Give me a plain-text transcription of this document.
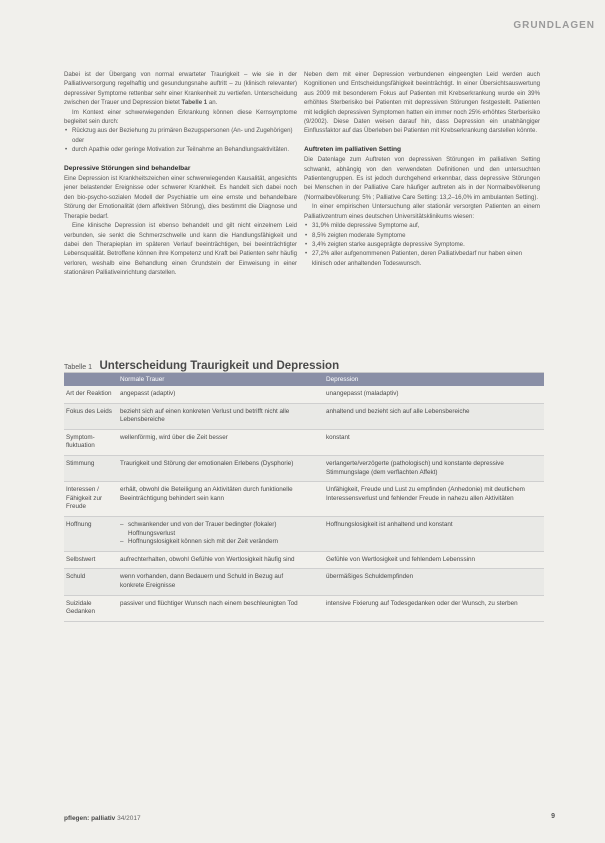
GRUNDLAGEN

Dabei ist der Übergang von normal erwarteter Traurigkeit – wie sie in der Palliativversorgung regelhaftig und gesundungsnahe auftritt – zu (klinisch relevanter) depressiver Symptome rettenbar sehr einer Krankenheit zu vertiefen. Unterscheidung zwischen der Trauer und Depression bietet Tabelle 1 an.

Im Kontext einer schwerwiegenden Erkrankung können diese Kernsymptome begleitet sein durch:

• Rückzug aus der Beziehung zu primären Bezugspersonen (An- und Zugehörigen) oder
• durch Apathie oder geringe Motivation zur Teilnahme an Behandlungsaktivitäten.
Depressive Störungen sind behandelbar

Eine Depression ist Krankheitszeichen einer schwerwiegenden Kausalität, angesichts jener belastender Ereignisse oder schwerer Krankheit. Es handelt sich dabei noch den bio-psycho-sozialen Modell der Psychiatrie um eine ernste und behandelbare Störung der Emotionalität (dem affektiven Störung), dies bestimmt die Diagnose und Therapie bedarf.

Eine klinische Depression ist ebenso behandelt und gilt nicht einzelnem Leid verbunden, sie senkt die Schmerzschwelle und kann die Handlungsfähigkeit und dabei den Therapieplan im späteren Verlauf beeinträchtigen, bei beeinträchtigter Lebensqualität. Betroffene können ihre Kompetenz und Kraft bei Patienten sehr häufig verloren, weshalb eine Behandlung einen Grundstein der Einweisung in einer stationären Palliativeinrichtung darstellen.

Neben dem mit einer Depression verbundenen eingeengten Leid werden auch Kognitionen und Entscheidungsfähigkeit beeinträchtigt. In einer Übersichtsauswertung aus 2009 mit besonderem Fokus auf Patienten mit Krebserkrankung wurde ein 39% erhöhtes Sterberisiko bei Patienten mit depressiven Störungen festgestellt. Patienten mit lediglich depressiven Symptomen hatten ein immer noch 25% erhöhtes Sterberisiko (9/2002). Diese Daten weisen darauf hin, dass Depression ein unabhängiger Einflussfaktor auf das Überleben bei Patienten mit Krebserkrankung darstellen könnte.

Auftreten im palliativen Setting

Die Datenlage zum Auftreten von depressiven Störungen im palliativen Setting schwankt, abhängig von den verwendeten Definitionen und den untersuchten Patientengruppen. Es ist jedoch durchgehend erkennbar, dass depressive Störungen bei Menschen in der Palliative Care häufiger auftreten als in der Normalbevölkerung (Normalbevölkerung: 5% ; Palliative Care Setting: 13,2–16,0% im ambulanten Setting).

In einer empirischen Untersuchung aller stationär versorgten Patienten an einem Palliativzentrum eines deutschen Universitätsklinikums wiesen:

• 31,9% milde depressive Symptome auf,
• 8,5% zeigten moderate Symptome
• 3,4% zeigten starke ausgeprägte depressive Symptome.
• 27,2% aller aufgenommenen Patienten, deren Palliativbedarf nur haben einen klinisch oder anhaltenden Todeswunsch.
Tabelle 1 Unterscheidung Traurigkeit und Depression
Normale Trauer	Depression
Art der Reaktion	angepasst (adaptiv)	unangepasst (maladaptiv)
Fokus des Leids	bezieht sich auf einen konkreten Verlust und betrifft nicht alle Lebensbereiche
anhaltend und bezieht sich auf alle Lebensbereiche
Symptom-fluktuation
wellenförmig, wird über die Zeit besser	konstant
Stimmung	Traurigkeit und Störung der emotionalen Erlebens (Dysphorie)	verlangerte/verzögerte (pathologisch) und konstante depressive Stimmungslage (dem verflachten Affekt)
Interessen / Fähigkeit zur Freude
erhält, obwohl die Beteiligung an Aktivitäten durch funktionelle Beeinträchtigung behindert sein kann
Unfähigkeit, Freude und Lust zu empfinden (Anhedonie) mit deutlichem Interessensverlust und fehlender Freude in nahezu allen Aktivitäten
Hoffnung
–	schwankender und von der Trauer bedingter (fokaler) Hoffnungsverlust
– Hoffnungslosigkeit können sich mit der Zeit verändern
Hoffnungslosigkeit ist anhaltend und konstant
Selbstwert	aufrechterhalten, obwohl Gefühle von Wertlosigkeit häufig sind	Gefühle von Wertlosigkeit und fehlendem Lebenssinn
Schuld	wenn vorhanden, dann Bedauern und Schuld in Bezug auf konkrete Ereignisse
übermäßiges Schuldempfinden
Suizidale Gedanken
passiver und flüchtiger Wunsch nach einem beschleunigten Tod	intensive Fixierung auf Todesgedanken oder der Wunsch, zu sterben
pflegen: palliativ 34/2017	9
